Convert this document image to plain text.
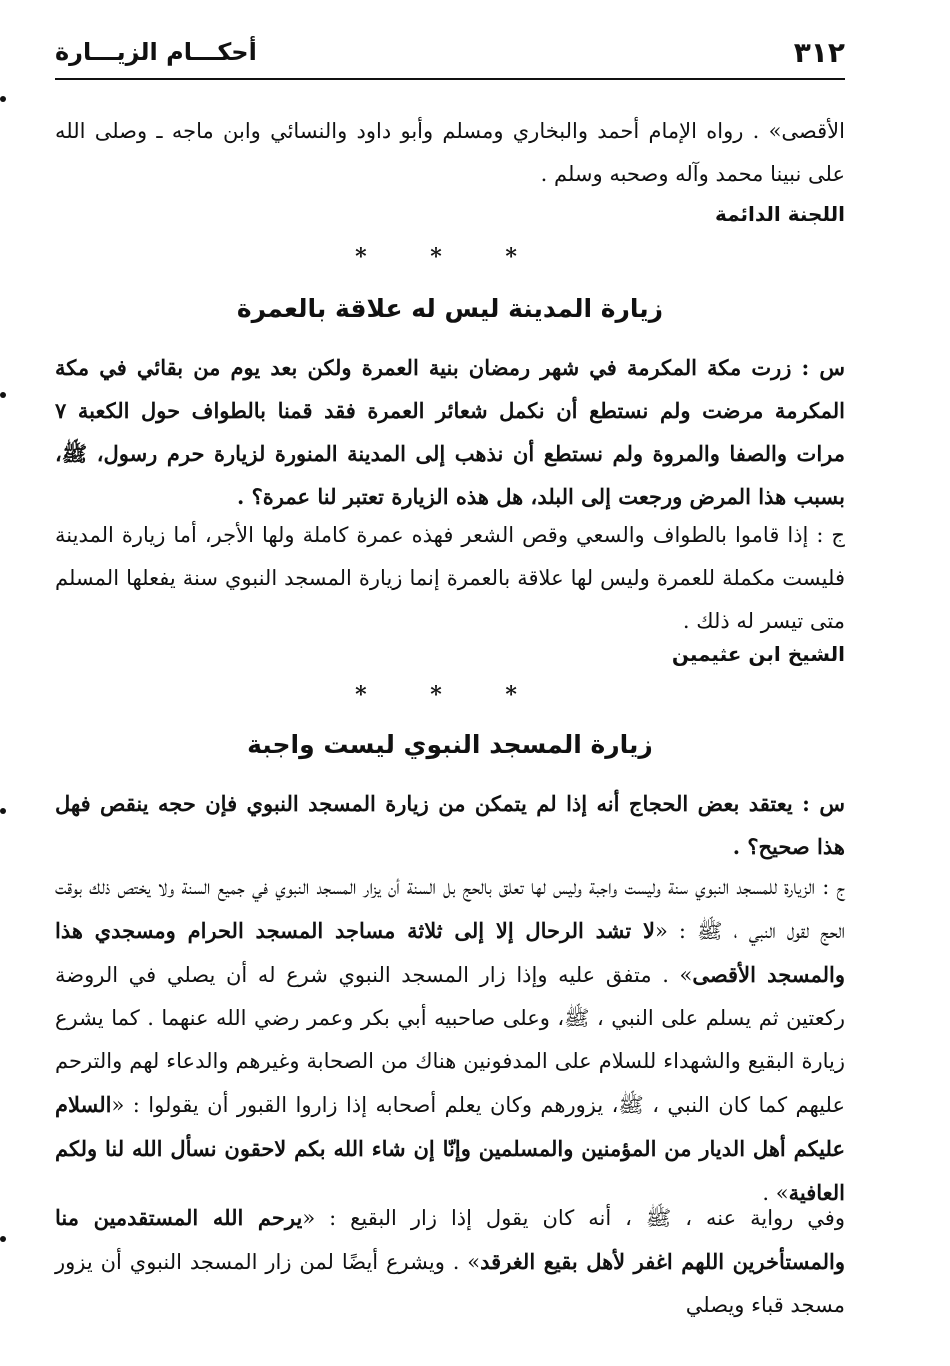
أحكـــام الزيـــارة	٣١٢
الأقصى» . رواه الإمام أحمد والبخاري ومسلم وأبو داود والنسائي وابن ماجه ـ وصلى الله على نبينا محمد وآله وصحبه وسلم .
اللجنة الدائمة
* * *
زيارة المدينة ليس له علاقة بالعمرة
س : زرت مكة المكرمة في شهر رمضان بنية العمرة ولكن بعد يوم من بقائي في مكة المكرمة مرضت ولم نستطع أن نكمل شعائر العمرة فقد قمنا بالطواف حول الكعبة ٧ مرات والصفا والمروة ولم نستطع أن نذهب إلى المدينة المنورة لزيارة حرم رسول، ﷺ، بسبب هذا المرض ورجعت إلى البلد، هل هذه الزيارة تعتبر لنا عمرة؟ .
ج : إذا قاموا بالطواف والسعي وقص الشعر فهذه عمرة كاملة ولها الأجر، أما زيارة المدينة فليست مكملة للعمرة وليس لها علاقة بالعمرة إنما زيارة المسجد النبوي سنة يفعلها المسلم متى تيسر له ذلك .
الشيخ ابن عثيمين
* * *
زيارة المسجد النبوي ليست واجبة
س : يعتقد بعض الحجاج أنه إذا لم يتمكن من زيارة المسجد النبوي فإن حجه ينقص فهل هذا صحيح؟ .
ج : الزيارة للمسجد النبوي سنة وليست واجبة وليس لها تعلق بالحج بل السنة أن يزار المسجد النبوي في جميع السنة ولا يختص ذلك بوقت الحج لقول النبي ، ﷺ : «لا تشد الرحال إلا إلى ثلاثة مساجد المسجد الحرام ومسجدي هذا والمسجد الأقصى» . متفق عليه وإذا زار المسجد النبوي شرع له أن يصلي في الروضة ركعتين ثم يسلم على النبي ، ﷺ، وعلى صاحبيه أبي بكر وعمر رضي الله عنهما . كما يشرع زيارة البقيع والشهداء للسلام على المدفونين هناك من الصحابة وغيرهم والدعاء لهم والترحم عليهم كما كان النبي ، ﷺ، يزورهم وكان يعلم أصحابه إذا زاروا القبور أن يقولوا : «السلام عليكم أهل الديار من المؤمنين والمسلمين وإنّا إن شاء الله بكم لاحقون نسأل الله لنا ولكم العافية» .
وفي رواية عنه ، ﷺ ، أنه كان يقول إذا زار البقيع : «يرحم الله المستقدمين منا والمستأخرين اللهم اغفر لأهل بقيع الغرقد» . ويشرع أيضًا لمن زار المسجد النبوي أن يزور مسجد قباء ويصلي
